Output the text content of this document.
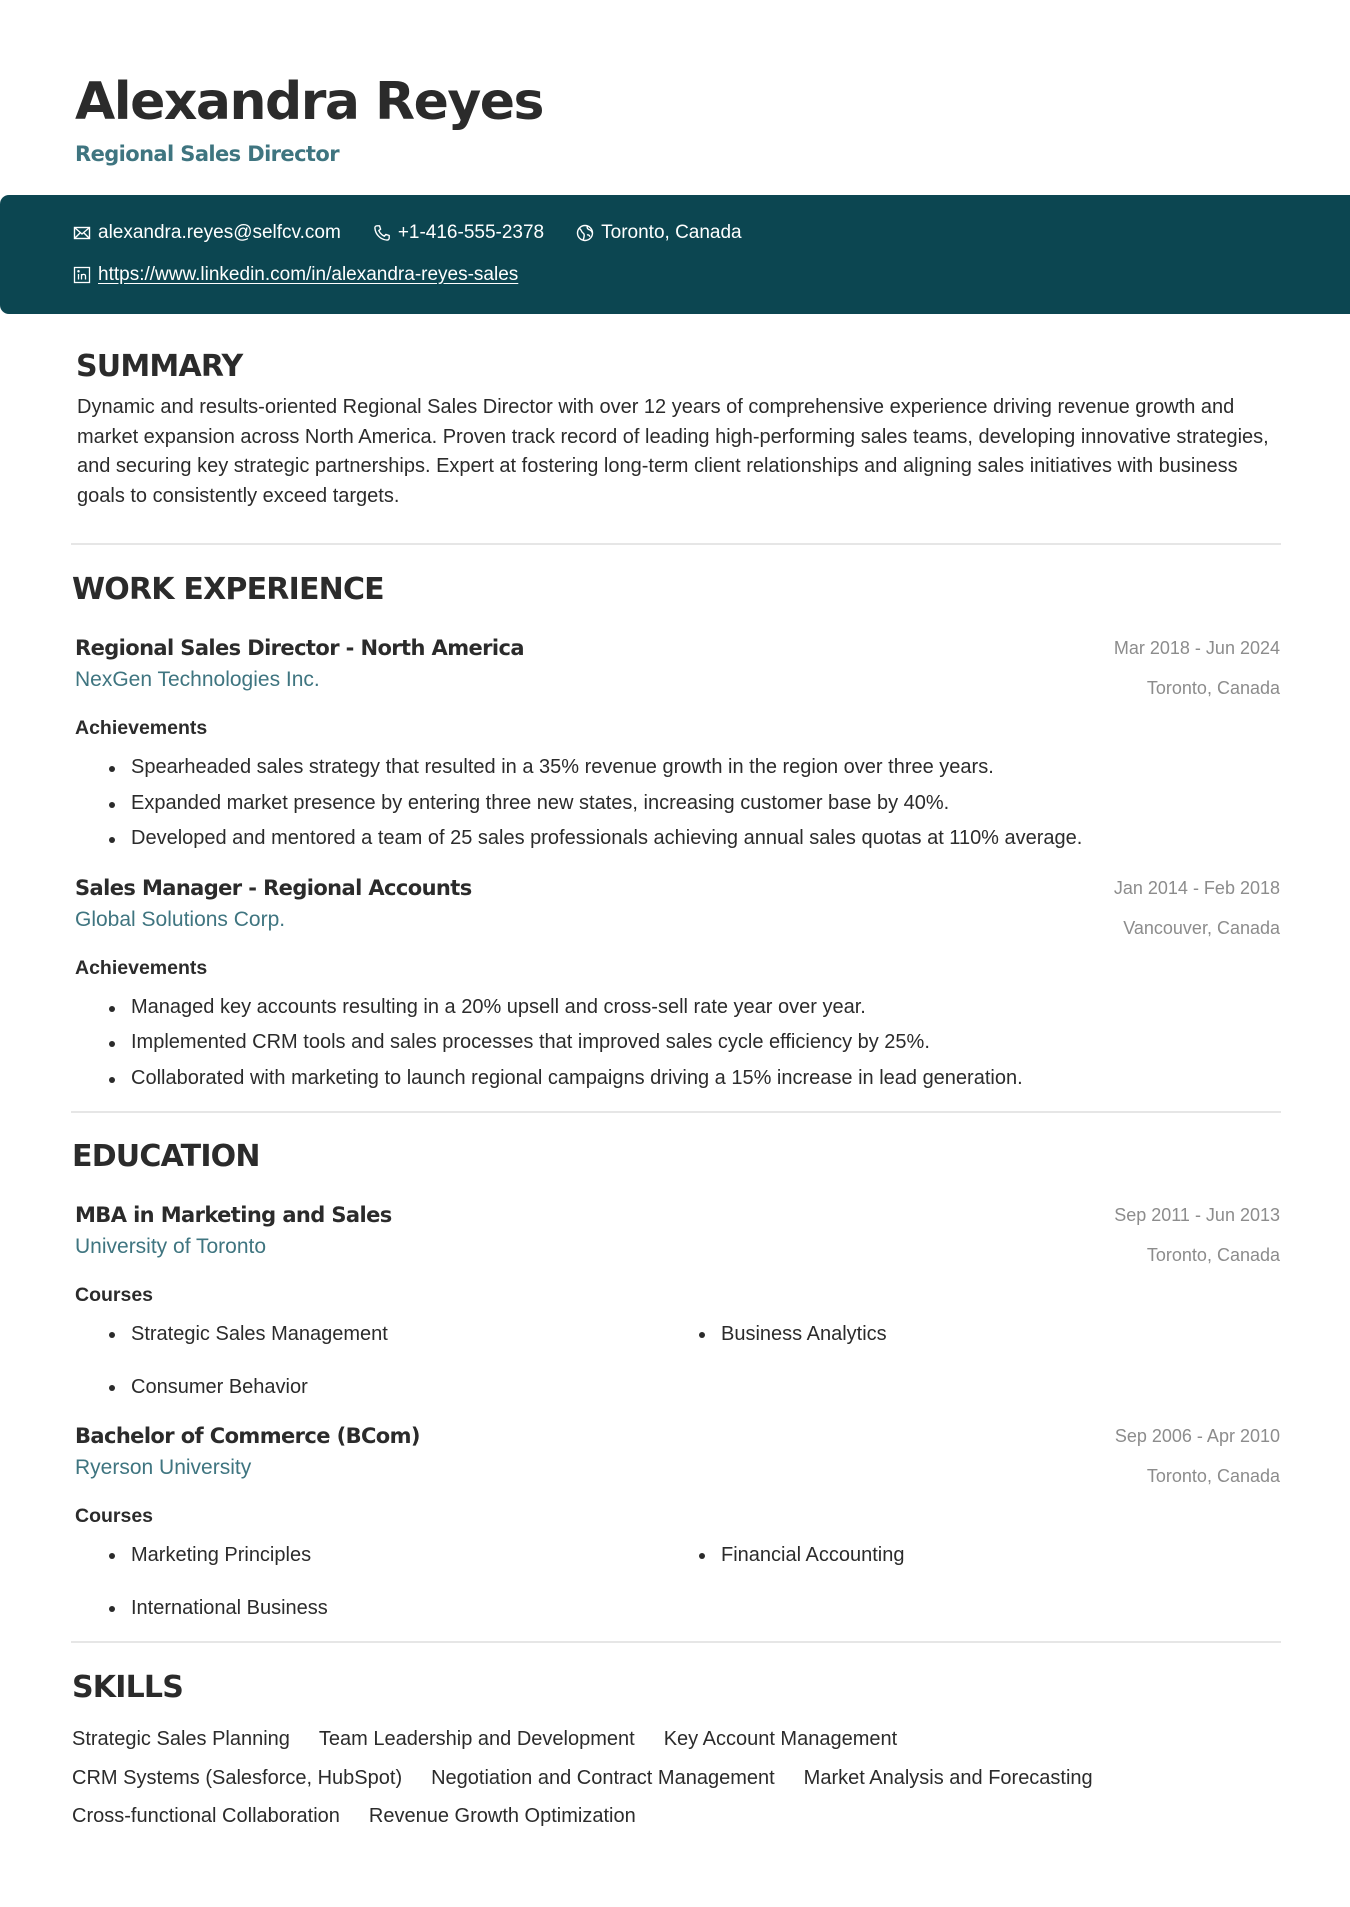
Alexandra Reyes
Regional Sales Director
alexandra.reyes@selfcv.com	+1-416-555-2378	Toronto, Canada
https://www.linkedin.com/in/alexandra-reyes-sales
SUMMARY
Dynamic and results-oriented Regional Sales Director with over 12 years of comprehensive experience driving revenue growth and market expansion across North America. Proven track record of leading high-performing sales teams, developing innovative strategies, and securing key strategic partnerships. Expert at fostering long-term client relationships and aligning sales initiatives with business goals to consistently exceed targets.
WORK EXPERIENCE
Regional Sales Director - North America
NexGen Technologies Inc.
Mar 2018 - Jun 2024
Toronto, Canada
Achievements
Spearheaded sales strategy that resulted in a 35% revenue growth in the region over three years.
Expanded market presence by entering three new states, increasing customer base by 40%.
Developed and mentored a team of 25 sales professionals achieving annual sales quotas at 110% average.
Sales Manager - Regional Accounts
Global Solutions Corp.
Jan 2014 - Feb 2018
Vancouver, Canada
Achievements
Managed key accounts resulting in a 20% upsell and cross-sell rate year over year.
Implemented CRM tools and sales processes that improved sales cycle efficiency by 25%.
Collaborated with marketing to launch regional campaigns driving a 15% increase in lead generation.
EDUCATION
MBA in Marketing and Sales
University of Toronto
Sep 2011 - Jun 2013
Toronto, Canada
Courses
Strategic Sales Management	Business Analytics
Consumer Behavior
Bachelor of Commerce (BCom)
Ryerson University
Sep 2006 - Apr 2010
Toronto, Canada
Courses
Marketing Principles	Financial Accounting
International Business
SKILLS
Strategic Sales Planning Team Leadership and Development Key Account Management
CRM Systems (Salesforce, HubSpot) Negotiation and Contract Management Market Analysis and Forecasting
Cross-functional Collaboration Revenue Growth Optimization
